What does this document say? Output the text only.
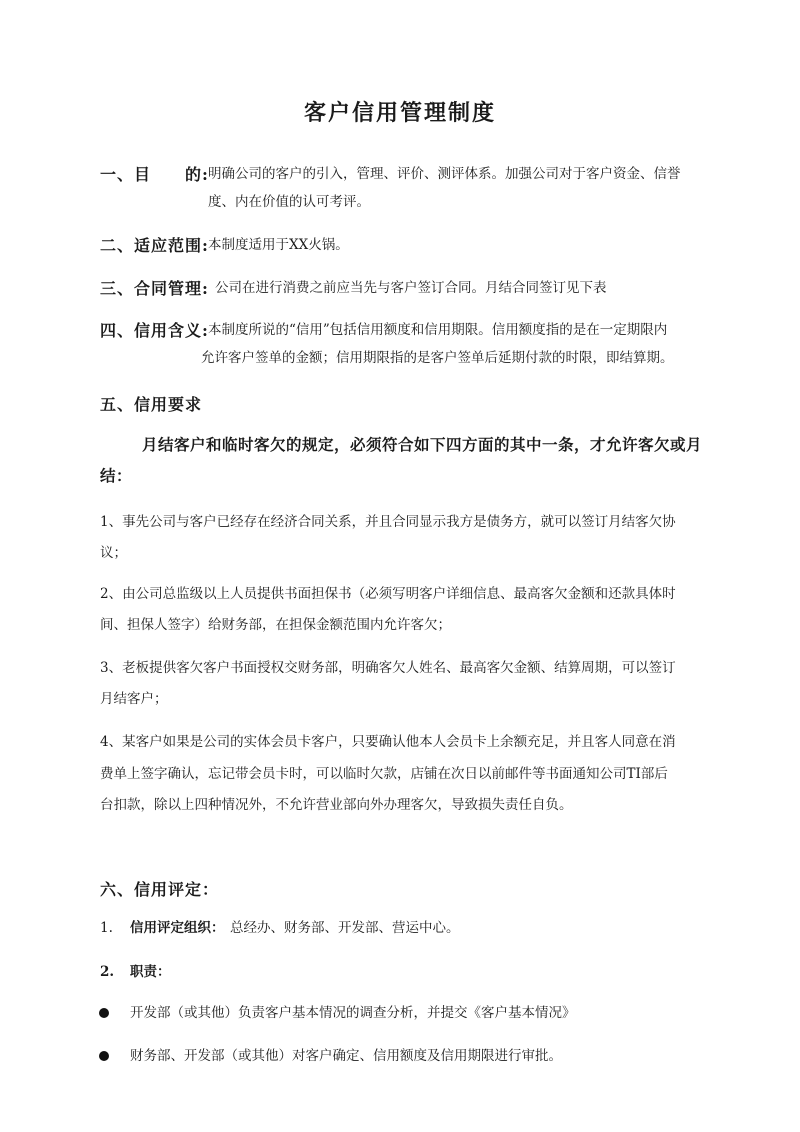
客户信用管理制度
一、目　　的: 明确公司的客户的引入，管理、评价、测评体系。加强公司对于客户资金、信誉
度、内在价值的认可考评。
二、适应范围: 本制度适用于XX火锅。
三、合同管理: 公司在进行消费之前应当先与客户签订合同。月结合同签订见下表
四、信用含义: 本制度所说的“信用”包括信用额度和信用期限。信用额度指的是在一定期限内
允许客户签单的金额；信用期限指的是客户签单后延期付款的时限，即结算期。
五、信用要求
月结客户和临时客欠的规定，必须符合如下四方面的其中一条，才允许客欠或月
结：
1、事先公司与客户已经存在经济合同关系，并且合同显示我方是债务方，就可以签订月结客欠协
议；
2、由公司总监级以上人员提供书面担保书（必须写明客户详细信息、最高客欠金额和还款具体时
间、担保人签字）给财务部，在担保金额范围内允许客欠；
3、老板提供客欠客户书面授权交财务部，明确客欠人姓名、最高客欠金额、结算周期，可以签订
月结客户；
4、某客户如果是公司的实体会员卡客户，只要确认他本人会员卡上余额充足，并且客人同意在消
费单上签字确认，忘记带会员卡时，可以临时欠款，店铺在次日以前邮件等书面通知公司TI部后
台扣款，除以上四种情况外，不允许营业部向外办理客欠，导致损失责任自负。
六、信用评定：
1. 信用评定组织： 总经办、财务部、开发部、营运中心。
2. 职责：
开发部（或其他）负责客户基本情况的调查分析，并提交《客户基本情况》
财务部、开发部（或其他）对客户确定、信用额度及信用期限进行审批。
